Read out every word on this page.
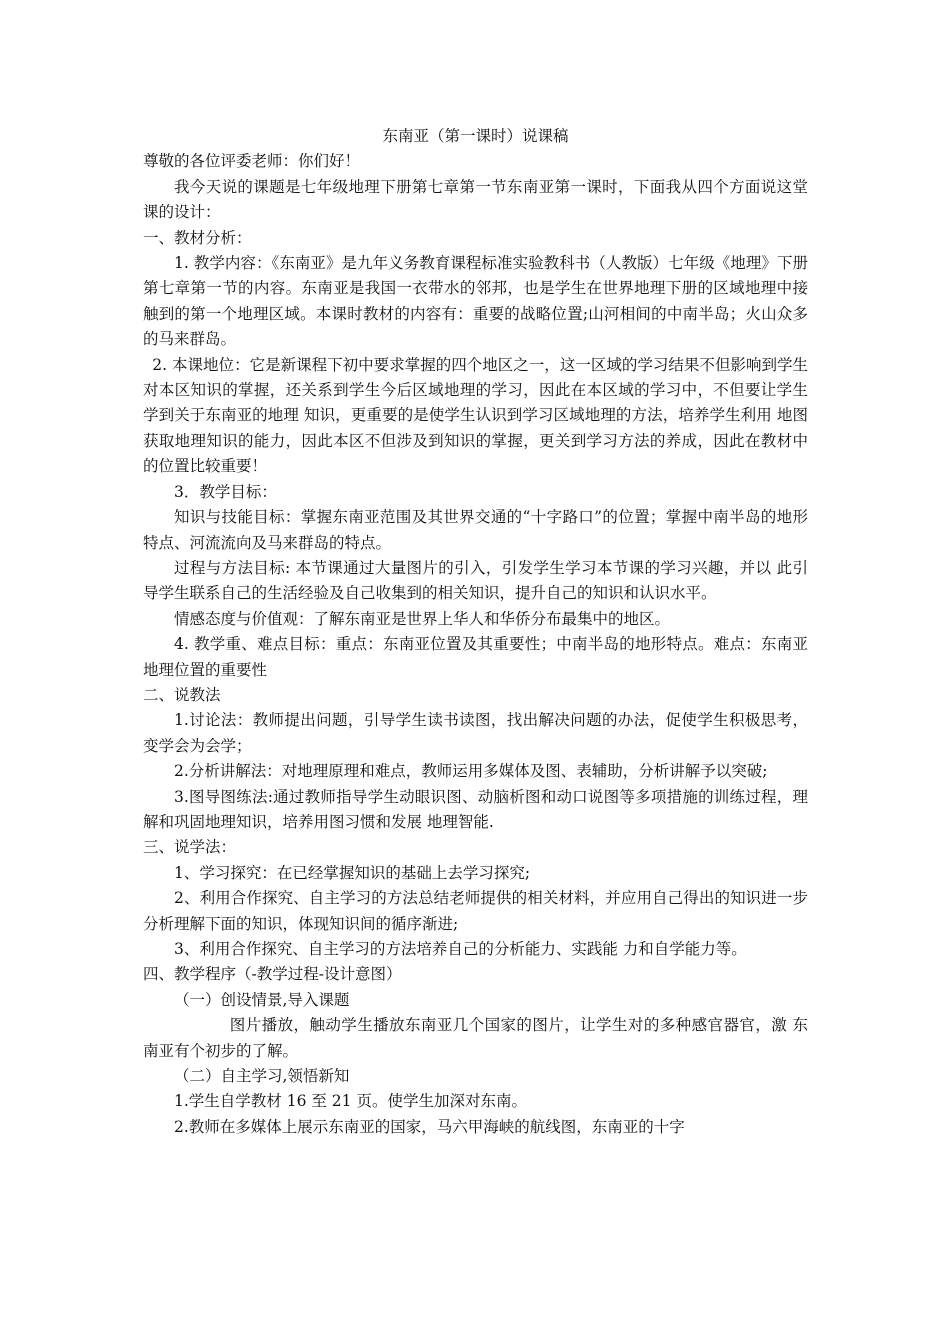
东南亚（第一课时）说课稿

尊敬的各位评委老师：你们好！

我今天说的课题是七年级地理下册第七章第一节东南亚第一课时，下面我从四个方面说这堂课的设计：

一、教材分析：

1. 教学内容：《东南亚》是九年义务教育课程标准实验教科书（人教版）七年级《地理》下册第七章第一节的内容。东南亚是我国一衣带水的邻邦，也是学生在世界地理下册的区域地理中接触到的第一个地理区域。本课时教材的内容有：重要的战略位置;山河相间的中南半岛；火山众多的马来群岛。

2. 本课地位：它是新课程下初中要求掌握的四个地区之一，这一区域的学习结果不但影响到学生对本区知识的掌握，还关系到学生今后区域地理的学习，因此在本区域的学习中，不但要让学生学到关于东南亚的地理 知识，更重要的是使学生认识到学习区域地理的方法，培养学生利用 地图获取地理知识的能力，因此本区不但涉及到知识的掌握，更关到学习方法的养成，因此在教材中的位置比较重要！

3．教学目标：

知识与技能目标：掌握东南亚范围及其世界交通的“十字路口”的位置；掌握中南半岛的地形特点、河流流向及马来群岛的特点。

过程与方法目标: 本节课通过大量图片的引入，引发学生学习本节课的学习兴趣，并以 此引导学生联系自己的生活经验及自己收集到的相关知识，提升自己的知识和认识水平。

情感态度与价值观：了解东南亚是世界上华人和华侨分布最集中的地区。

4. 教学重、难点目标：重点：东南亚位置及其重要性；中南半岛的地形特点。难点：东南亚地理位置的重要性

二、说教法

1.讨论法：教师提出问题，引导学生读书读图，找出解决问题的办法，促使学生积极思考，变学会为会学；

2.分析讲解法：对地理原理和难点，教师运用多媒体及图、表辅助，分析讲解予以突破;

3.图导图练法:通过教师指导学生动眼识图、动脑析图和动口说图等多项措施的训练过程，理解和巩固地理知识，培养用图习惯和发展 地理智能.

三、说学法：

1、学习探究：在已经掌握知识的基础上去学习探究;

2、利用合作探究、自主学习的方法总结老师提供的相关材料，并应用自己得出的知识进一步分析理解下面的知识，体现知识间的循序渐进;

3、利用合作探究、自主学习的方法培养自己的分析能力、实践能 力和自学能力等。

四、教学程序（-教学过程-设计意图）

（一）创设情景,导入课题

图片播放，触动学生播放东南亚几个国家的图片，让学生对的多种感官器官，激 东南亚有个初步的了解。

（二）自主学习,领悟新知

1.学生自学教材 16 至 21 页。使学生加深对东南。

2.教师在多媒体上展示东南亚的国家，马六甲海峡的航线图，东南亚的十字
